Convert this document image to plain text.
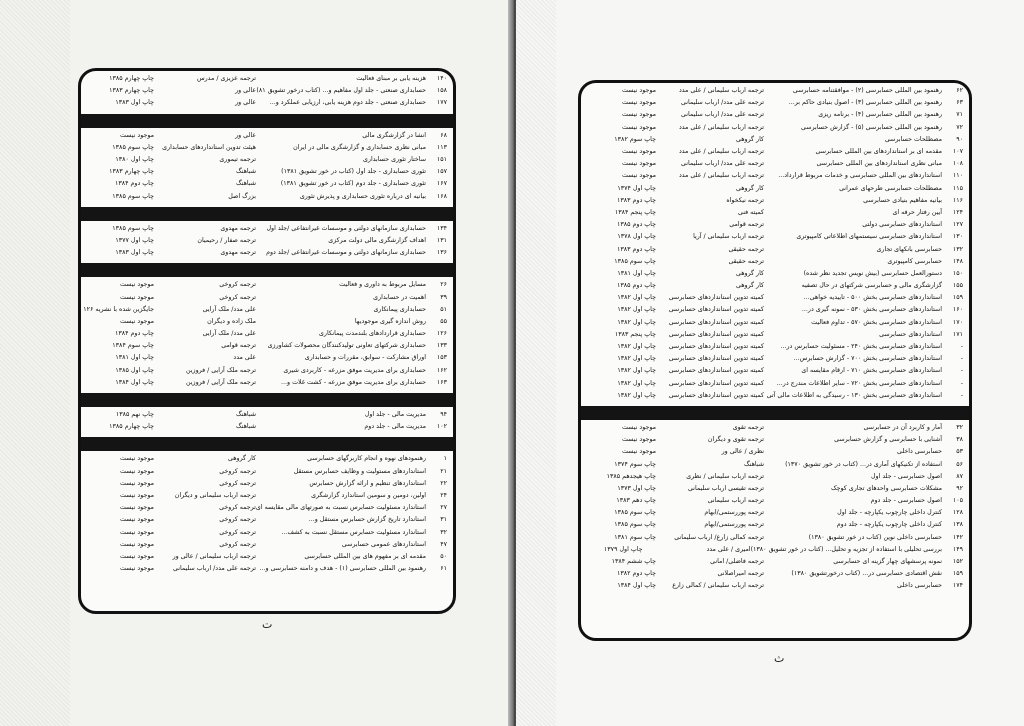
۱۴۰
هزینه یابی بر مبنای فعالیت
ترجمه عزیزی / مدرس
چاپ چهارم ۱۳۸۵
۱۵۸
حسابداری صنعتی - جلد اول مفاهیم و... (کتاب درخور تشویق ۸۱)
عالی ور
چاپ چهارم ۱۳۸۳
۱۷۷
حسابداری صنعتی - جلد دوم هزینه یابی، ارزیابی عملکرد و...
عالی ور
چاپ اول ۱۳۸۳
۶۸
انشا در گزارشگری مالی
عالی ور
موجود نیست
۱۱۳
مبانی نظری حسابداری و گزارشگری مالی در ایران
هیئت تدوین استانداردهای حسابداری
چاپ سوم ۱۳۸۵
۱۵۱
ساختار تئوری حسابداری
ترجمه تیموری
چاپ اول ۱۳۸۰
۱۵۷
تئوری حسابداری - جلد اول (کتاب در خور تشویق ۱۳۸۱)
شباهنگ
چاپ چهارم ۱۳۸۳
۱۶۷
تئوری حسابداری - جلد دوم (کتاب در خور تشویق ۱۳۸۱)
شباهنگ
چاپ دوم ۱۳۸۴
۱۶۸
بیانیه ای درباره تئوری حسابداری و پذیرش تئوری
بزرگ اصل
چاپ سوم ۱۳۸۵
۱۳۴
حسابداری سازمانهای دولتی و موسسات غیرانتفاعی /جلد اول
ترجمه مهدوی
چاپ سوم ۱۳۸۵
۱۳۱
اهداف گزارشگری مالی دولت مرکزی
ترجمه صفار / رحیمیان
چاپ اول ۱۳۷۷
۱۳۶
حسابداری سازمانهای دولتی و موسسات غیرانتفاعی /جلد دوم
ترجمه مهدوی
چاپ اول ۱۳۸۳
۲۶
مسایل مربوط به داوری و فعالیت
ترجمه کروخی
موجود نیست
۳۹
اهمیت در حسابداری
ترجمه کروخی
موجود نیست
۵۱
حسابداری پیمانکاری
علی مدد/ ملک آرایی
جایگزین شده با نشریه ۱۲۶
۵۵
روش اندازه گیری موجودیها
ملک زاده و دیگران
موجود نیست
۱۲۶
حسابداری قراردادهای بلندمدت پیمانکاری
علی مدد/ ملک آرایی
چاپ دوم ۱۳۸۴
۱۳۳
حسابداری شرکتهای تعاونی تولیدکنندگان محصولات کشاورزی
ترجمه قوامی
چاپ سوم ۱۳۸۴
۱۵۳
اوراق مشارکت - سوابق، مقررات و حسابداری
علی مدد
چاپ اول ۱۳۸۱
۱۶۲
حسابداری برای مدیریت موفق مزرعه - کاربردی شیری
ترجمه ملک آرایی / فروزین
چاپ اول ۱۳۸۵
۱۶۳
حسابداری برای مدیریت موفق مزرعه - کشت غلات و...
ترجمه ملک آرایی / فروزین
چاپ اول ۱۳۸۴
۹۴
مدیریت مالی - جلد اول
شباهنگ
چاپ نهم ۱۳۸۵
۱۰۲
مدیریت مالی - جلد دوم
شباهنگ
چاپ چهارم ۱۳۸۵
۱
رهنمودهای نهوه و انجام کاربرگهای حسابرسی
کار گروهی
موجود نیست
۲۱
استانداردهای مستولیت و وظایف حسابرس مستقل
ترجمه کروخی
موجود نیست
۲۲
استانداردهای تنظیم و ارائه گزارش حسابرس
ترجمه کروخی
موجود نیست
۲۴
اولین، دومین و سومین استاندارد گزارشگری
ترجمه ارباب سلیمانی و دیگران
موجود نیست
۲۷
استاندارد مسئولیت حسابرس نسبت به صورتهای مالی مقایسه ای
ترجمه کروخی
موجود نیست
۳۱
استاندارد تاریخ گزارش حسابرس مستقل و...
ترجمه کروخی
موجود نیست
۳۲
استاندارد مسئولیت حسابرس مستقل نسبت به کشف...
ترجمه کروخی
موجود نیست
۴۷
استانداردهای عمومی حسابرسی
ترجمه کروخی
موجود نیست
۵۰
مقدمه ای بر مفهوم های بین المللی حسابرسی
ترجمه ارباب سلیمانی / عالی ور
موجود نیست
۶۱
رهنمود بین المللی حسابرسی (۱) - هدف و دامنه حسابرسی و...
ترجمه علی مدد/ ارباب سلیمانی
موجود نیست
ت
۶۲
رهنمود بین المللی حسابرسی (۲) - موافقتنامه حسابرسی
ترجمه ارباب سلیمانی / علی مدد
موجود نیست
۶۳
رهنمود بین المللی حسابرسی (۳) - اصول بنیادی حاکم بر...
ترجمه علی مدد/ ارباب سلیمانی
موجود نیست
۷۱
رهنمود بین المللی حسابرسی (۴) - برنامه ریزی
ترجمه علی مدد/ ارباب سلیمانی
موجود نیست
۷۲
رهنمود بین المللی حسابرسی (۵) - گزارش حسابرسی
ترجمه ارباب سلیمانی / علی مدد
موجود نیست
۹۰
مصطلحات حسابرسی
کار گروهی
چاپ سوم ۱۳۸۲
۱۰۷
مقدمه ای بر استانداردهای بین المللی حسابرسی
ترجمه ارباب سلیمانی / علی مدد
موجود نیست
۱۰۸
مبانی نظری استانداردهای بین المللی حسابرسی
ترجمه علی مدد/ ارباب سلیمانی
موجود نیست
۱۱۰
استانداردهای بین المللی حسابرسی و خدمات مربوط قرارداد...
ترجمه ارباب سلیمانی / علی مدد
موجود نیست
۱۱۵
مصطلحات حسابرسی طرحهای عمرانی
کار گروهی
چاپ اول ۱۳۷۴
۱۱۶
بیانیه مفاهیم بنیادی حسابرسی
ترجمه نیکخواه
چاپ دوم ۱۳۸۳
۱۲۴
آیین رفتار حرفه ای
کمیته فنی
چاپ پنجم ۱۳۸۴
۱۲۷
استانداردهای حسابرسی دولتی
ترجمه قوامی
چاپ دوم ۱۳۸۵
۱۳۰
استانداردهای حسابرسی سیستمهای اطلاعاتی کامپیوتری
ترجمه ارباب سلیمانی / آریا
چاپ اول ۱۳۷۸
۱۳۲
حسابرسی بانکهای تجاری
ترجمه حقیقی
چاپ دوم ۱۳۸۳
۱۴۸
حسابرسی کامپیوتری
ترجمه حقیقی
چاپ سوم ۱۳۸۵
۱۵۰
دستورالعمل حسابرسی (بیش نویس تجدید نظر شده)
کار گروهی
چاپ اول ۱۳۸۱
۱۵۵
گزارشگری مالی و حسابرسی شرکتهای در حال تصفیه
کار گروهی
چاپ دوم ۱۳۸۵
۱۵۹
استانداردهای حسابرسی بخش ۵۰۰ - تاییدیه خواهی...
کمیته تدوین استانداردهای حسابرسی
چاپ اول ۱۳۸۲
۱۶۰
استانداردهای حسابرسی بخش ۵۳۰ - نمونه گیری در...
کمیته تدوین استانداردهای حسابرسی
چاپ اول ۱۳۸۲
۱۷۰
استانداردهای حسابرسی بخش ۵۷۰ - تداوم فعالیت
کمیته تدوین استانداردهای حسابرسی
چاپ اول ۱۳۸۲
۱۷۱
استانداردهای حسابرسی
کمیته تدوین استانداردهای حسابرسی
چاپ پنجم ۱۳۸۳
-
استانداردهای حسابرسی بخش ۲۴۰ - مسئولیت حسابرس در...
کمیته تدوین استانداردهای حسابرسی
چاپ اول ۱۳۸۲
-
استانداردهای حسابرسی بخش ۷۰۰ - گزارش حسابرس...
کمیته تدوین استانداردهای حسابرسی
چاپ اول ۱۳۸۲
-
استانداردهای حسابرسی بخش ۷۱۰ - ارقام مقایسه ای
کمیته تدوین استانداردهای حسابرسی
چاپ اول ۱۳۸۲
-
استانداردهای حسابرسی بخش ۷۲۰ - سایر اطلاعات مندرج در...
کمیته تدوین استانداردهای حسابرسی
چاپ اول ۱۳۸۲
-
استانداردهای حسابرسی بخش ۱۳۰ - رسیدگی به اطلاعات مالی آتی
کمیته تدوین استانداردهای حسابرسی
چاپ اول ۱۳۸۲
۳۲
آمار و کاربرد آن در حسابرسی
ترجمه تقوی
موجود نیست
۳۸
آشنایی با حسابرسی و گزارش حسابرسی
ترجمه تقوی و دیگران
موجود نیست
۵۳
حسابرسی داخلی
نظری / عالی ور
موجود نیست
۵۶
استفاده از تکنیکهای آماری در... (کتاب در خور تشویق ۱۳۷۰)
شباهنگ
چاپ سوم ۱۳۷۴
۸۷
اصول حسابرسی - جلد اول
ترجمه ارباب سلیمانی / نظری
چاپ هیجدهم ۱۳۸۵
۹۲
مشکلات حسابرسی واحدهای تجاری کوچک
ترجمه تقیسی ارباب سلیمانی
چاپ اول ۱۳۷۳
۱۰۵
اصول حسابرسی - جلد دوم
ترجمه ارباب سلیمانی
چاپ دهم ۱۳۸۳
۱۲۸
کنترل داخلی چارچوب یکپارچه - جلد اول
ترجمه پوررستمی/ابهام
چاپ سوم ۱۳۸۵
۱۳۸
کنترل داخلی چارچوب یکپارچه - جلد دوم
ترجمه پوررستمی/ابهام
چاپ سوم ۱۳۸۵
۱۴۲
حسابرسی داخلی نوین (کتاب در خور تشویق ۱۳۸۰)
ترجمه کمالی زارع/ ارباب سلیمانی
چاپ سوم ۱۳۸۱
۱۴۹
بررسی تحلیلی با استفاده از تجزیه و تحلیل... (کتاب در خور تشویق ۱۳۸۰)
امیری / علی مدد
چاپ اول ۱۳۷۹
۱۵۲
نمونه پرسشهای چهار گزینه ای حسابرسی
ترجمه فاضلی/ امانی
چاپ ششم ۱۳۸۴
۱۵۹
نقش اقتصادی حسابرسی در... (کتاب درخورتشویق ۱۳۸۰)
ترجمه امیراصلانی
چاپ دوم ۱۳۸۲
۱۷۴
حسابرسی داخلی
ترجمه ارباب سلیمانی / کمالی زارع
چاپ اول ۱۳۸۴
ث
